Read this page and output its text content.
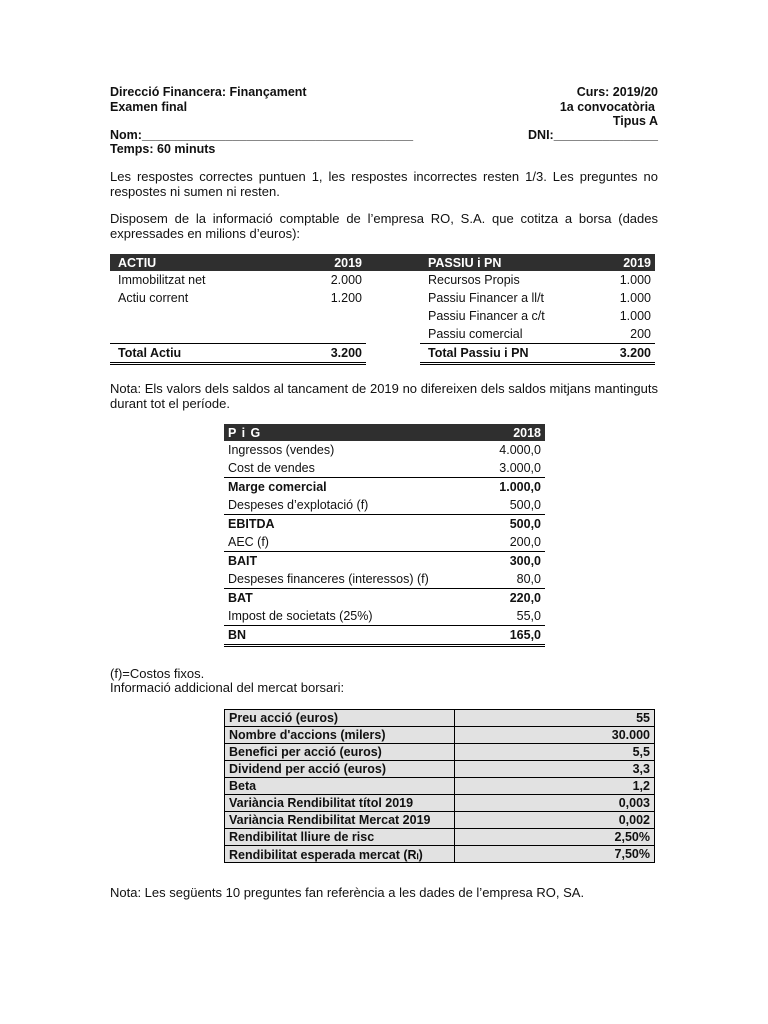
Direcció Financera: Finançament	Curs: 2019/20
Examen final	1a convocatòria
Tipus A
Nom:_______________________________________	DNI:_______________
Temps: 60 minuts
Les respostes correctes puntuen 1, les respostes incorrectes resten 1/3. Les preguntes no respostes ni sumen ni resten.
Disposem de la informació comptable de l’empresa RO, S.A. que cotitza a borsa (dades expressades en milions d’euros):
ACTIU	2019		PASSIU i PN	2019
Immobilitzat net	2.000		Recursos Propis	1.000
Actiu corrent	1.200		Passiu Financer a ll/t	1.000
			Passiu Financer a c/t	1.000
			Passiu comercial	200
Total Actiu	3.200		Total Passiu i PN	3.200
Nota: Els valors dels saldos al tancament de 2019 no difereixen dels saldos mitjans mantinguts durant tot el període.
P i G	2018
Ingressos (vendes)	4.000,0
Cost de vendes	3.000,0
Marge comercial	1.000,0
Despeses d’explotació (f)	500,0
EBITDA	500,0
AEC (f)	200,0
BAIT	300,0
Despeses financeres (interessos) (f)	80,0
BAT	220,0
Impost de societats (25%)	55,0
BN	165,0
(f)=Costos fixos.
Informació addicional del mercat borsari:
Preu acció (euros)	55
Nombre d'accions (milers)	30.000
Benefici per acció (euros)	5,5
Dividend per acció (euros)	3,3
Beta	1,2
Variància Rendibilitat títol 2019	0,003
Variància Rendibilitat Mercat 2019	0,002
Rendibilitat lliure de risc	2,50%
Rendibilitat esperada mercat (Rₗ)	7,50%
Nota: Les següents 10 preguntes fan referència a les dades de l’empresa RO, SA.
